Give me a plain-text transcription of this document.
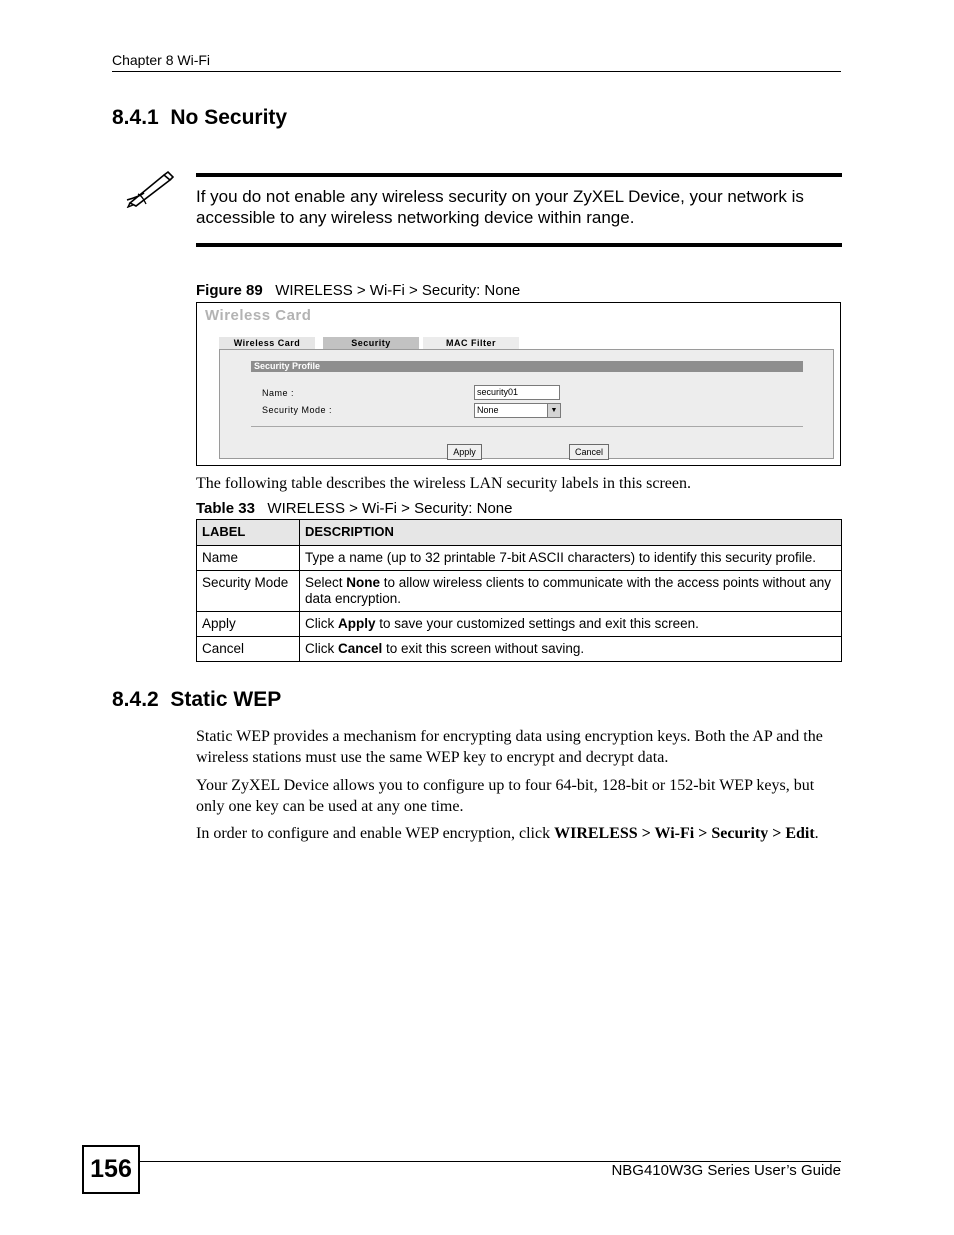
Chapter 8 Wi-Fi
8.4.1  No Security
If you do not enable any wireless security on your ZyXEL Device, your network is accessible to any wireless networking device within range.
Figure 89   WIRELESS > Wi-Fi > Security: None
Wireless Card
Wireless Card	Security	MAC Filter
Security Profile
Name :	security01
Security Mode :	None	▼
Apply	Cancel
The following table describes the wireless LAN security labels in this screen.
Table 33   WIRELESS > Wi-Fi > Security: None
LABEL	DESCRIPTION
Name	Type a name (up to 32 printable 7-bit ASCII characters) to identify this security profile.
Security Mode	Select None to allow wireless clients to communicate with the access points without any data encryption.
Apply	Click Apply to save your customized settings and exit this screen.
Cancel	Click Cancel to exit this screen without saving.
8.4.2  Static WEP
Static WEP provides a mechanism for encrypting data using encryption keys. Both the AP and the wireless stations must use the same WEP key to encrypt and decrypt data.
Your ZyXEL Device allows you to configure up to four 64-bit, 128-bit or 152-bit WEP keys, but only one key can be used at any one time.
In order to configure and enable WEP encryption, click WIRELESS > Wi-Fi > Security > Edit.
156	NBG410W3G Series User’s Guide
